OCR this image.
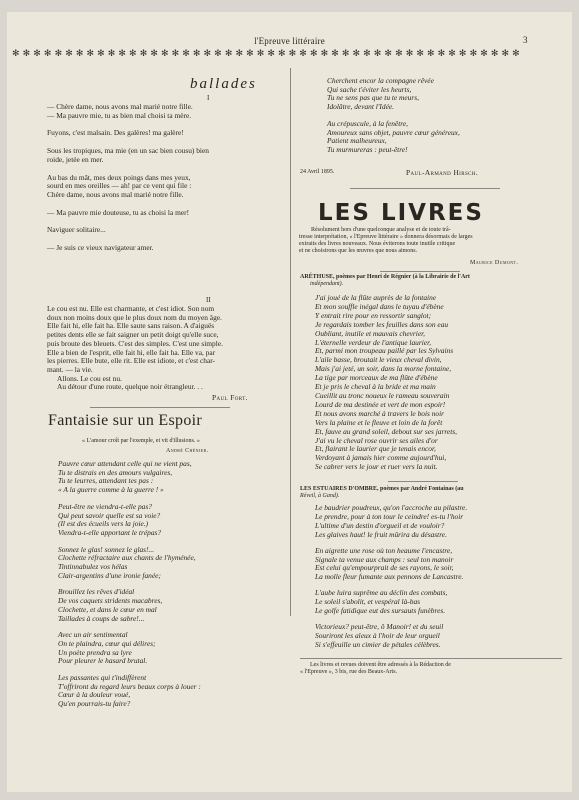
l'Epreuve littéraire	3
✻✻✻✻✻✻✻✻✻✻✻✻✻✻✻✻✻✻✻✻✻✻✻✻✻✻✻✻✻✻✻✻✻✻✻✻✻✻✻✻✻✻✻✻✻✻✻✻
ballades
I

— Chère dame, nous avons mal marié notre fille.

— Ma pauvre mie, tu as bien mal choisi ta mère.

Fuyons, c'est malsain. Des galères! ma galère!

Sous les tropiques, ma mie (en un sac bien cousu) bien

roide, jetée en mer.

Au bas du mât, mes deux poings dans mes yeux,

sourd en mes oreilles — ah! par ce vent qui file :

Chère dame, nous avons mal marié notre fille.

— Ma pauvre mie douteuse, tu as choisi la mer!

Naviguer solitaire...

— Je suis ce vieux navigateur amer.

II

Le cou est nu. Elle est charmante, et c'est idiot. Son nom

doux non moins doux que le plus doux nom du moyen âge.

Elle fait hi, elle fait ha. Elle saute sans raison. A d'aiguës

petites dents elle se fait saigner un petit doigt qu'elle suce,

puis broute des bleuets. C'est des simples. C'est une simple.

Elle a bien de l'esprit, elle fait hi, elle fait ha. Elle va, par

les pierres. Elle bute, elle rit. Elle est idiote, et c'est char-

mant. — la vie.

Allons. Le cou est nu.

Au détour d'une route, quelque noir étrangleur. . .

Paul Fort.
Fantaisie sur un Espoir
« L'amour croît par l'exemple, et vit d'illusions. »
André Chénier.

Pauvre cœur attendant celle qui ne vient pas,

Tu te distrais en des amours vulgaires,

Tu te leurres, attendant tes pas :

« A la guerre comme à la guerre ! »

Peut-être ne viendra-t-elle pas?

Qui peut savoir quelle est sa voie?

(Il est des écueils vers la joie.)

Viendra-t-elle apportant le trépas?

Sonnez le glas! sonnez le glas!...

Clochette réfractaire aux chants de l'hyménée,

Tintinnabulez vos hélas

Clair-argentins d'une ironie fanée;

Brouillez les rêves d'idéal

De vos caquets stridents macabres,

Clochette, et dans le cœur en mal

Taillades à coups de sabre!...

Avec un air sentimental

On te plaindra, cœur qui délires;

Un poète prendra sa lyre

Pour pleurer le hasard brutal.

Les passantes qui t'indiffèrent

T'offriront du regard leurs beaux corps à louer :

Cœur à la douleur voué,

Qu'en pourrais-tu faire?

Cherchent encor la compagne rêvée

Qui sache t'éviter les heurts,

Tu ne sens pas que tu te meurs,

Idolâtre, devant l'Idée.

Au crépuscule, à la fenêtre,

Amoureux sans objet, pauvre cœur généreux,

Patient malheureux,

Tu murmureras : peut-être!

24 Avril 1895.	Paul-Armand Hirsch.
LES LIVRES

Résolument hors d'une quelconque analyse et de toute trâ-

tresse interprétation, « l'Epreuve littéraire » donnera désormais de larges

extraits des livres nouveaux. Nous éviterons toute inutile critique

et ne choisirons que les œuvres que nous aimons.

Maurice Dumont.

ARÉTHUSE, poèmes par Henri de Régnier (à la Librairie de l'Art

indépendant).

J'ai joué de la flûte auprès de la fontaine

Et mon souffle inégal dans le tuyau d'ébène

Y entrait rire pour en ressortir sanglot;

Je regardais tomber les feuilles dans son eau

Oubliant, inutile et mauvais chevrier,

L'éternelle verdeur de l'antique laurier,

Et, parmi mon troupeau paillé par les Sylvains

L'aile basse, broutait le vieux cheval divin,

Mais j'ai jeté, un soir, dans la morne fontaine,

La tige par morceaux de ma flûte d'ébène

Et je pris le cheval à la bride et ma main

Cueillit au tronc noueux le rameau souverain

Lourd de ma destinée et vert de mon espoir!

Et nous avons marché à travers le bois noir

Vers la plaine et le fleuve et loin de la forêt

Et, fauve au grand soleil, debout sur ses jarrets,

J'ai vu le cheval rose ouvrir ses ailes d'or

Et, flairant le laurier que je tenais encor,

Verdoyant à jamais hier comme aujourd'hui,

Se cabrer vers le jour et ruer vers la nuit.

LES ESTUAIRES D'OMBRE, poèmes par André Fontainas (au

Réveil, à Gand).

Le baudrier poudreux, qu'on l'accroche au pilastre.

Le prendre, pour à ton tour le ceindre! es-tu l'hoir

L'ultime d'un destin d'orgueil et de vouloir?

Les glaives haut! le fruit mûrira du désastre.

En aigrette une rose où ton heaume l'encastre,

Signale ta venue aux champs : seul ton manoir

Est celui qu'empourprait de ses rayons, le soir,

La molle fleur fumante aux pennons de Lancastre.

L'aube luira suprême au déclin des combats,

Le soleil s'abolit, et vespéral là-bas

Le golfe fatidique eut des sursauts funèbres.

Victorieux? peut-être, ô Manoir! et du seuil

Souriront les aïeux à l'hoir de leur orgueil

Si s'effeuille un cimier de pétales célèbres.

Les livres et revues doivent être adressés à la Rédaction de

« l'Epreuve », 3 bis, rue des Beaux-Arts.
